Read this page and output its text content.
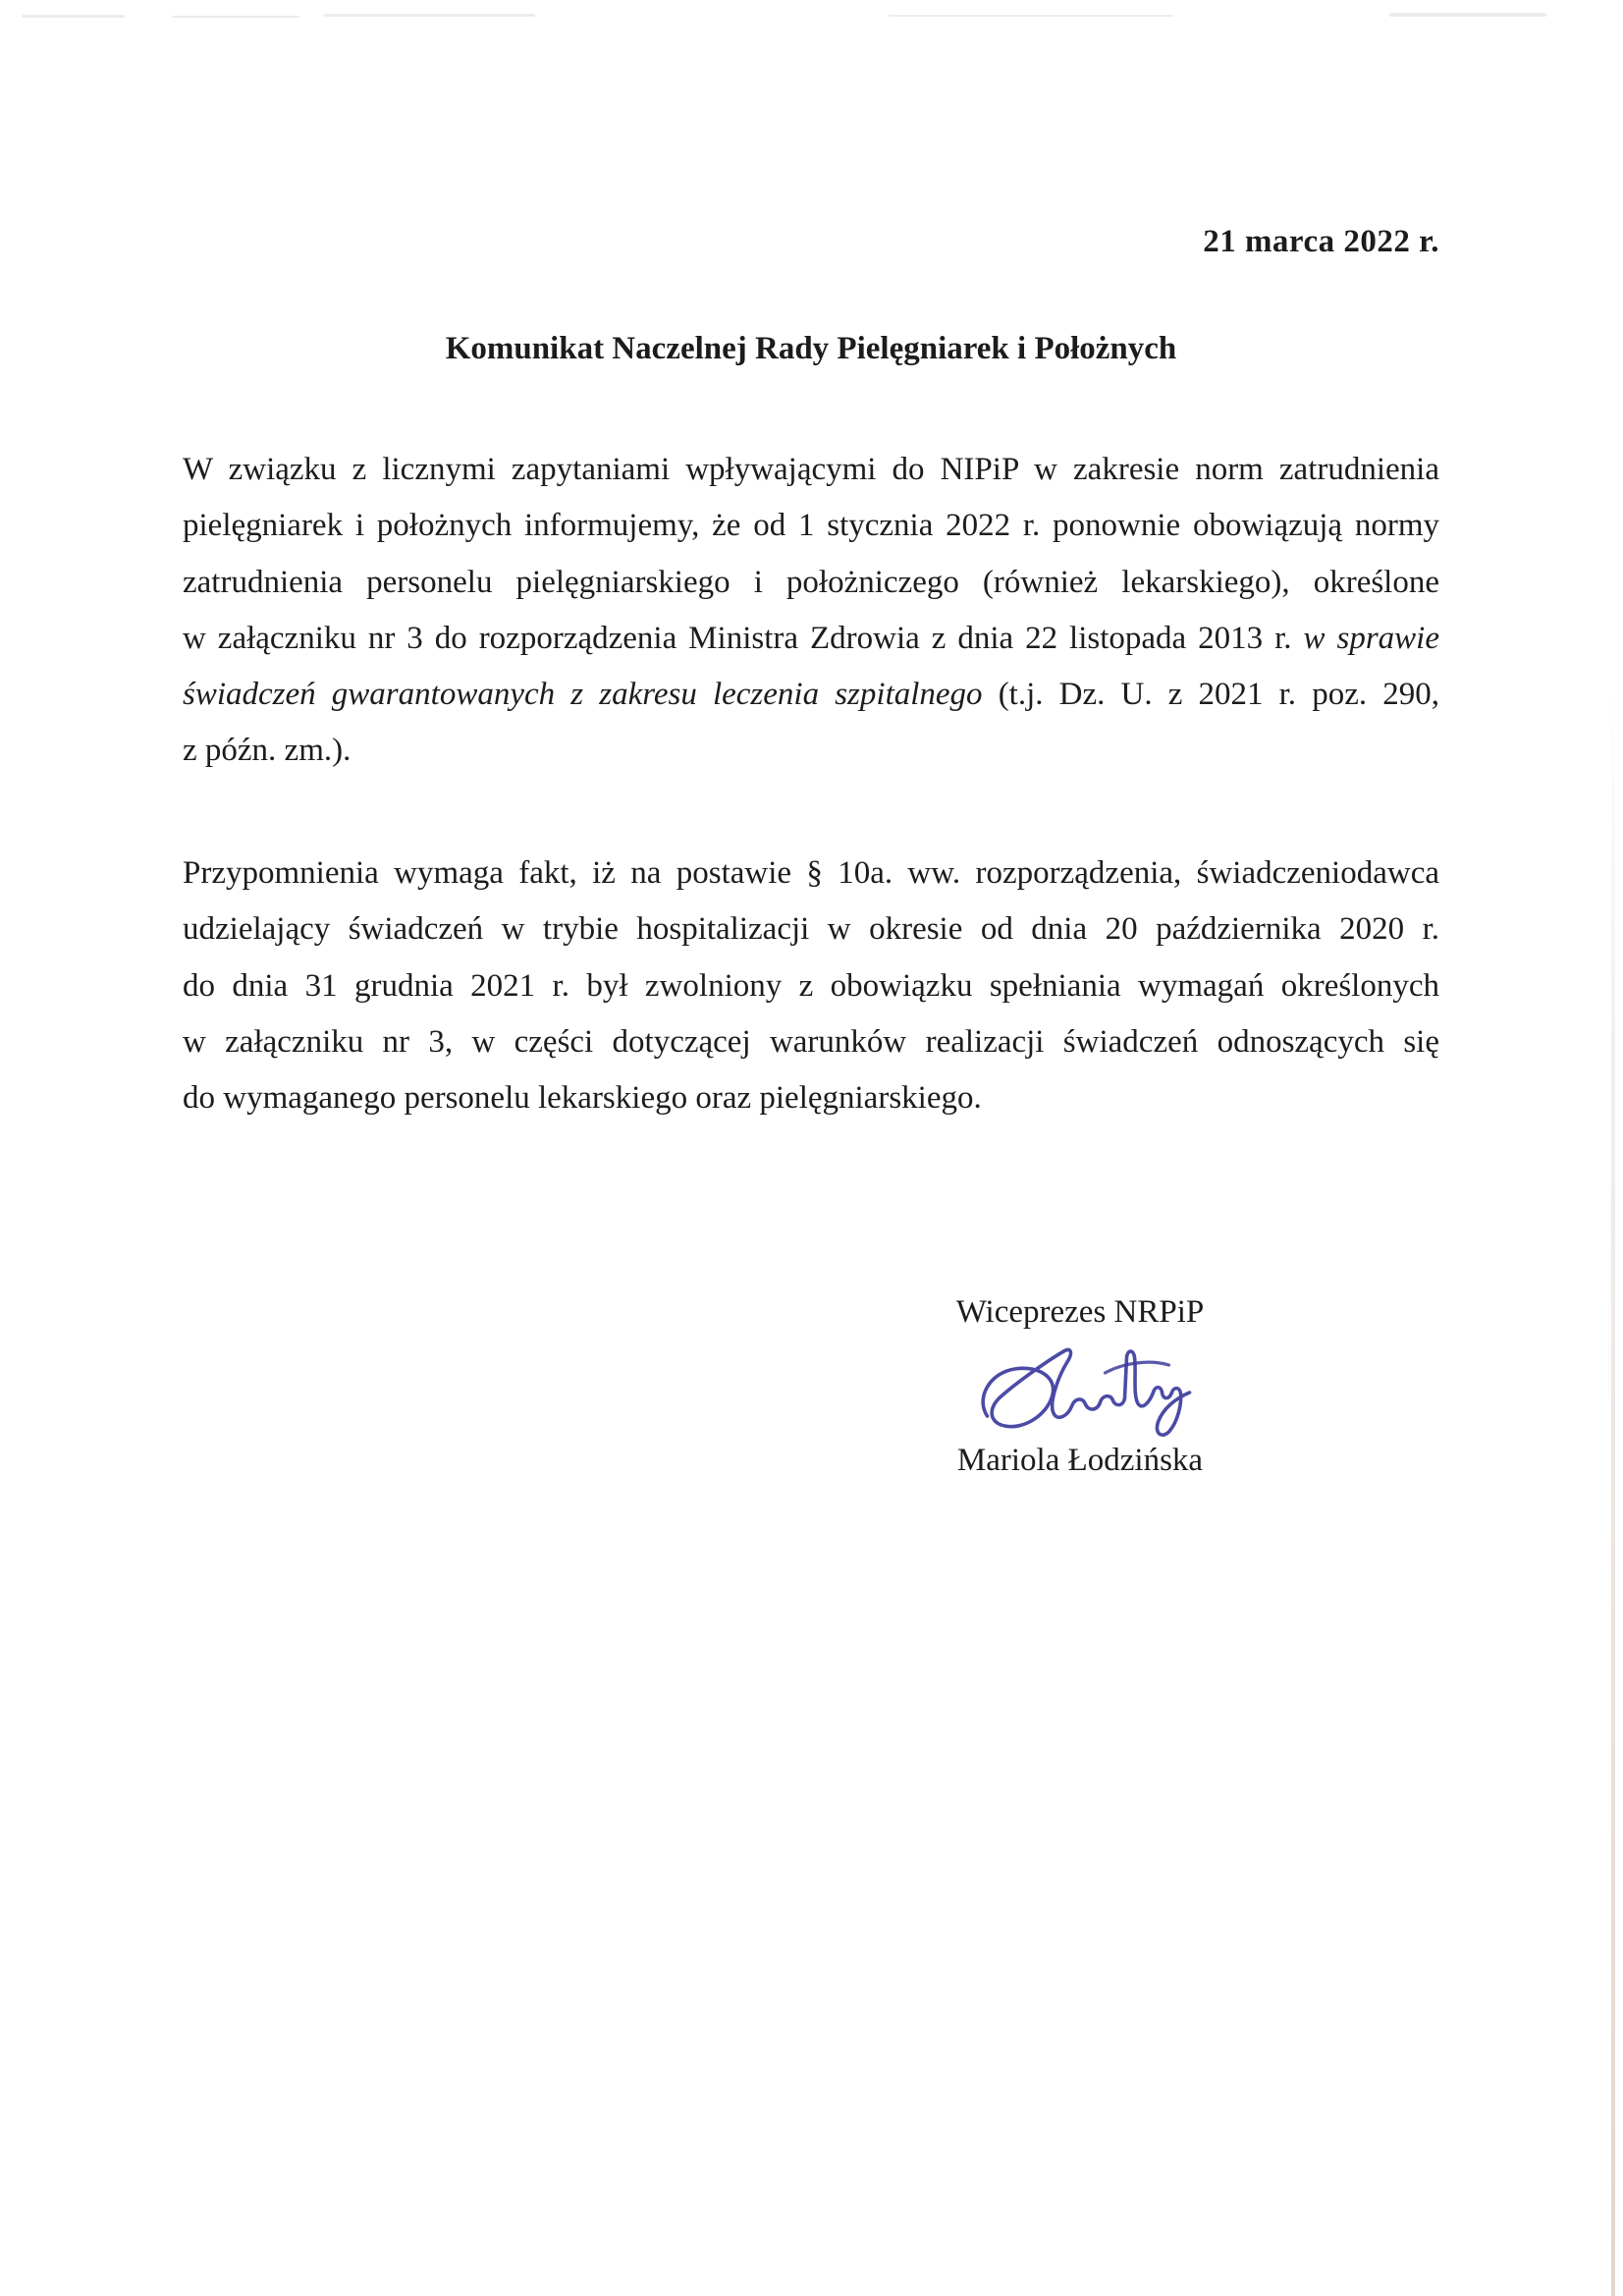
21 marca 2022 r.
Komunikat Naczelnej Rady Pielęgniarek i Położnych
W związku z licznymi zapytaniami wpływającymi do NIPiP w zakresie norm zatrudnienia
pielęgniarek i położnych informujemy, że od 1 stycznia 2022 r. ponownie obowiązują normy
zatrudnienia personelu pielęgniarskiego i położniczego (również lekarskiego), określone
w załączniku nr 3 do rozporządzenia Ministra Zdrowia z dnia 22 listopada 2013 r. w sprawie
świadczeń gwarantowanych z zakresu leczenia szpitalnego (t.j. Dz. U. z 2021 r. poz. 290,
z późn. zm.).
Przypomnienia wymaga fakt, iż na postawie § 10a. ww. rozporządzenia, świadczeniodawca
udzielający świadczeń w trybie hospitalizacji w okresie od dnia 20 października 2020 r.
do dnia 31 grudnia 2021 r. był zwolniony z obowiązku spełniania wymagań określonych
w załączniku nr 3, w części dotyczącej warunków realizacji świadczeń odnoszących się
do wymaganego personelu lekarskiego oraz pielęgniarskiego.
Wiceprezes NRPiP
Mariola Łodzińska
